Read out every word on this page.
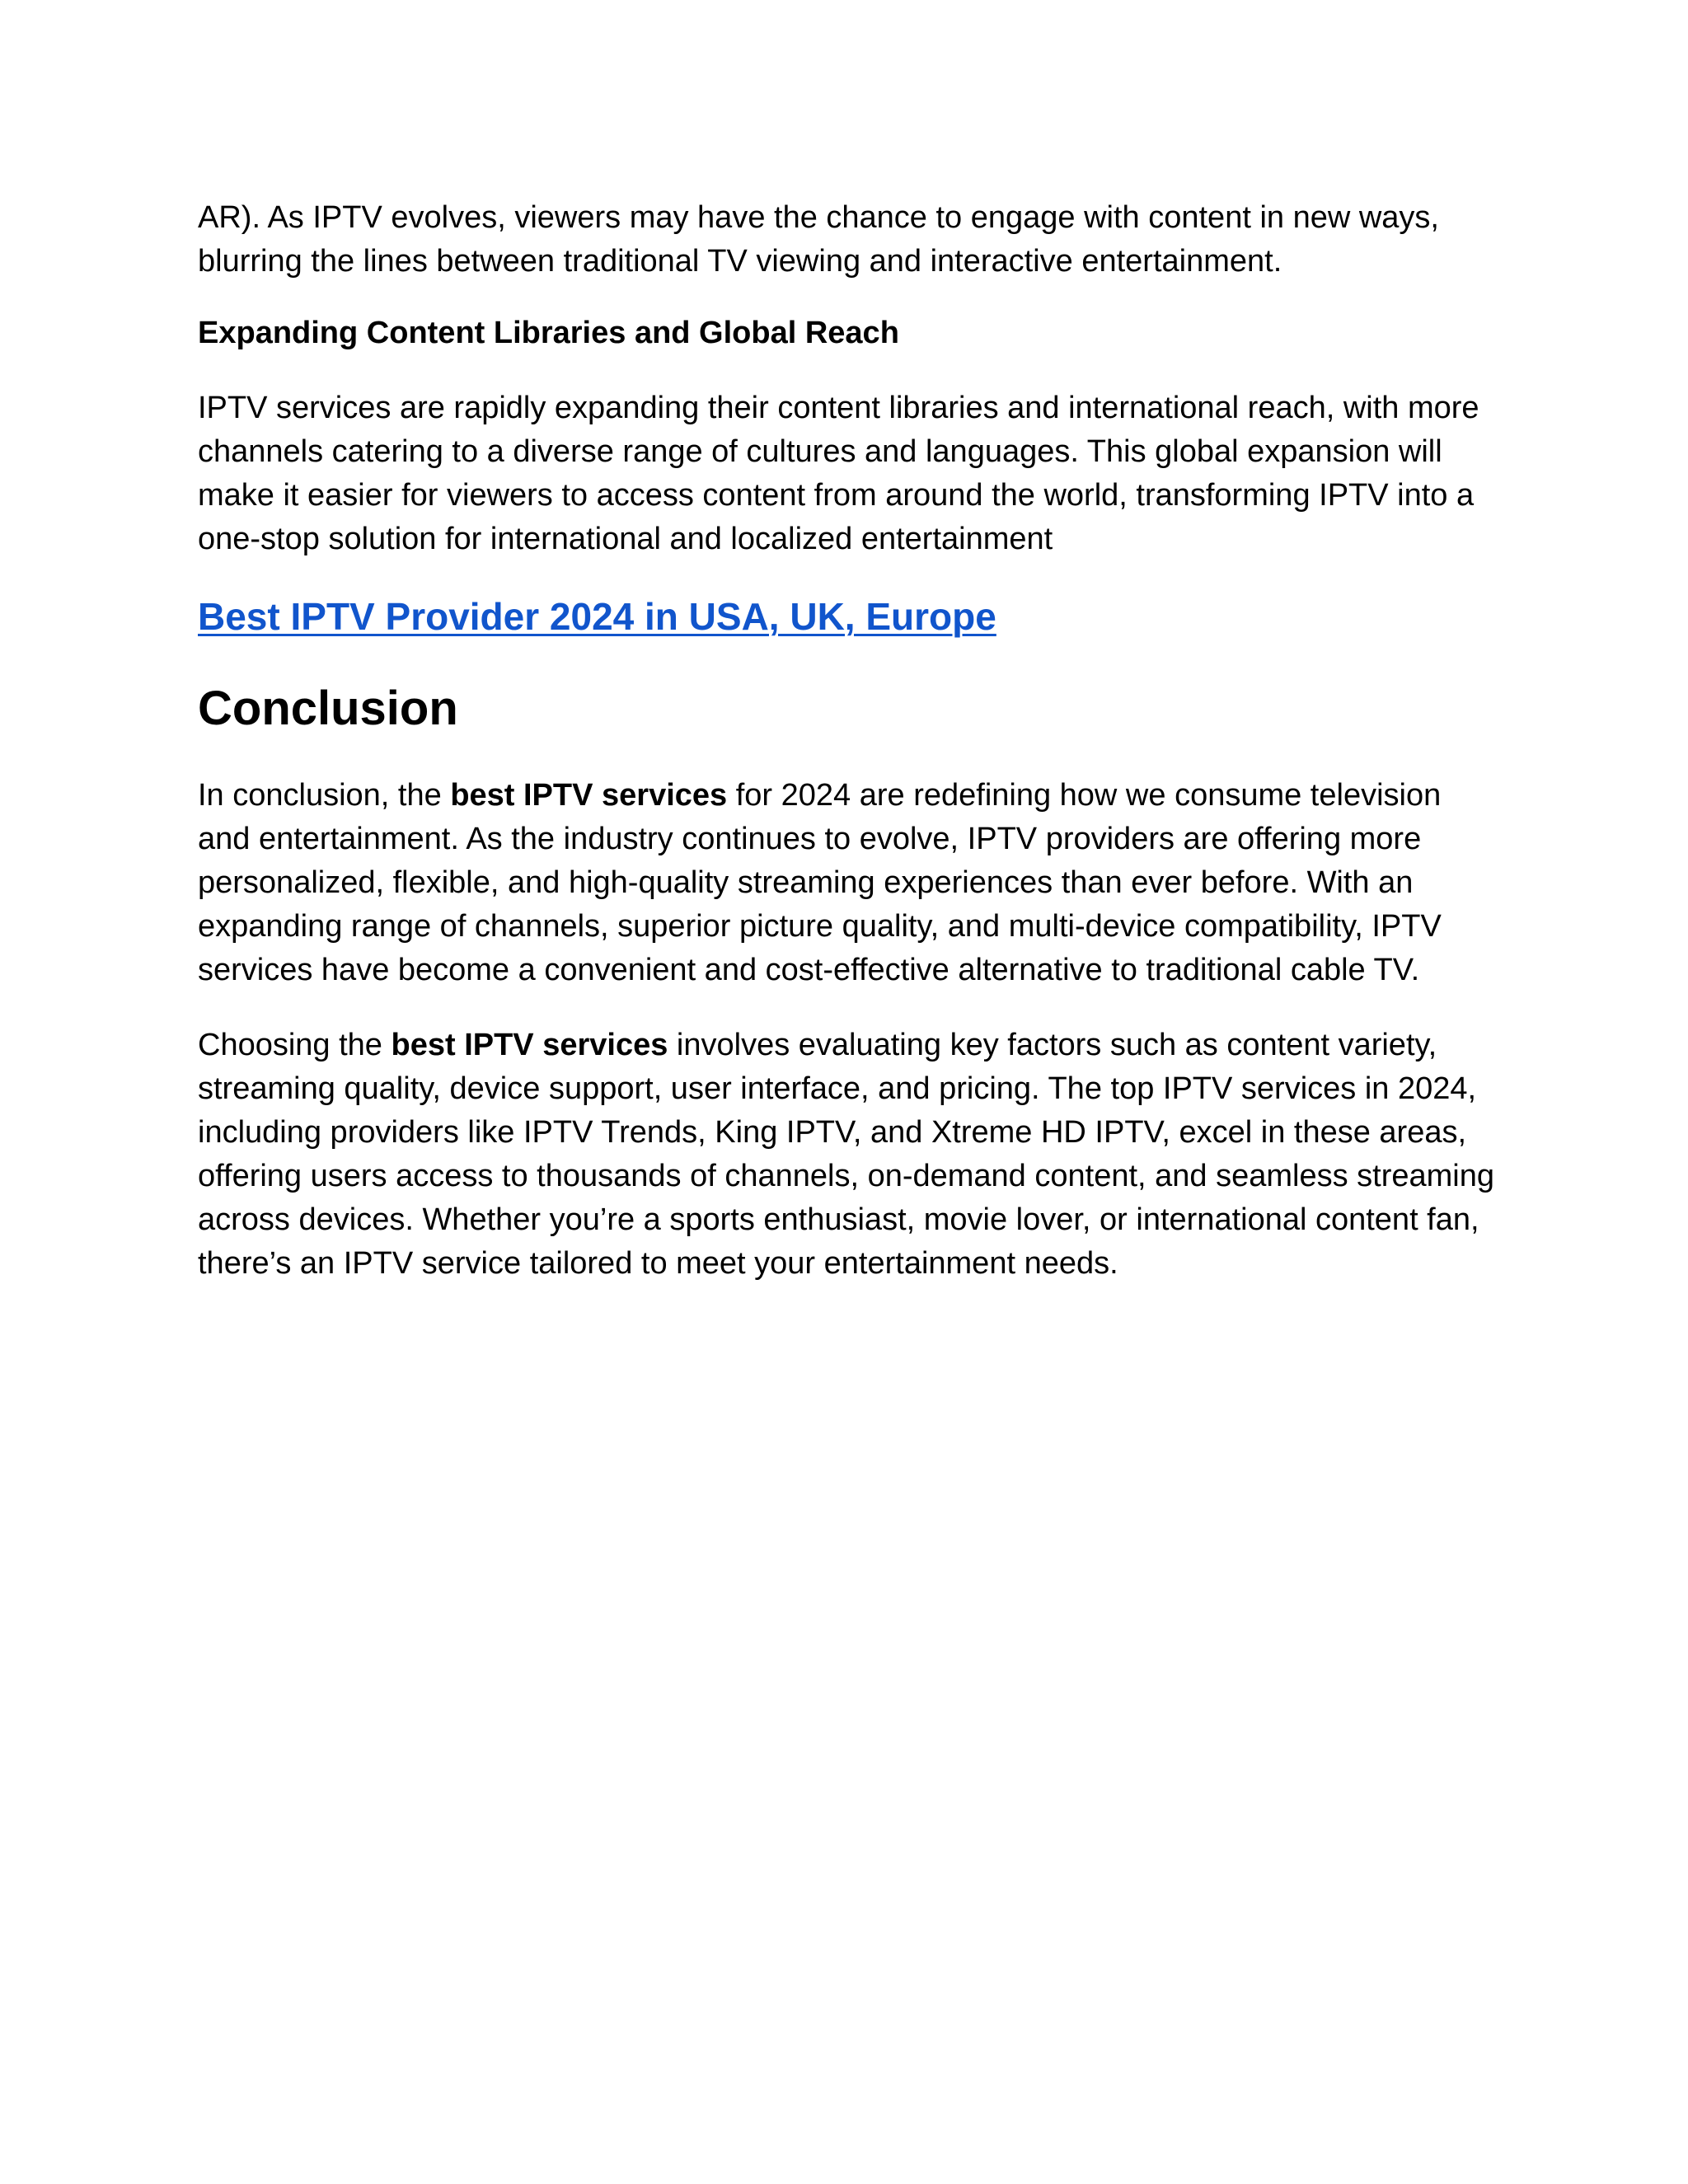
AR). As IPTV evolves, viewers may have the chance to engage with content in new ways, blurring the lines between traditional TV viewing and interactive entertainment.

Expanding Content Libraries and Global Reach

IPTV services are rapidly expanding their content libraries and international reach, with more channels catering to a diverse range of cultures and languages. This global expansion will make it easier for viewers to access content from around the world, transforming IPTV into a one-stop solution for international and localized entertainment

Best IPTV Provider 2024 in USA, UK, Europe

Conclusion

In conclusion, the best IPTV services for 2024 are redefining how we consume television and entertainment. As the industry continues to evolve, IPTV providers are offering more personalized, flexible, and high-quality streaming experiences than ever before. With an expanding range of channels, superior picture quality, and multi-device compatibility, IPTV services have become a convenient and cost-effective alternative to traditional cable TV.

Choosing the best IPTV services involves evaluating key factors such as content variety, streaming quality, device support, user interface, and pricing. The top IPTV services in 2024, including providers like IPTV Trends, King IPTV, and Xtreme HD IPTV, excel in these areas, offering users access to thousands of channels, on-demand content, and seamless streaming across devices. Whether you’re a sports enthusiast, movie lover, or international content fan, there’s an IPTV service tailored to meet your entertainment needs.
